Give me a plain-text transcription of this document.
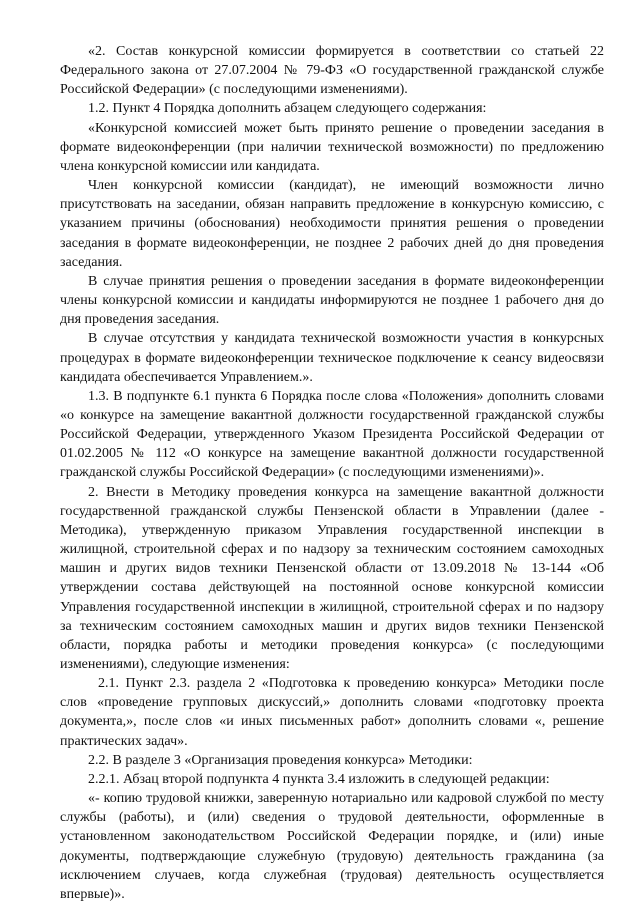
«2. Состав конкурсной комиссии формируется в соответствии со статьей 22 Федерального закона от 27.07.2004 № 79-ФЗ «О государственной гражданской службе Российской Федерации» (с последующими изменениями).

1.2. Пункт 4 Порядка дополнить абзацем следующего содержания:

«Конкурсной комиссией может быть принято решение о проведении заседания в формате видеоконференции (при наличии технической возможности) по предложению члена конкурсной комиссии или кандидата.

Член конкурсной комиссии (кандидат), не имеющий возможности лично присутствовать на заседании, обязан направить предложение в конкурсную комиссию, с указанием причины (обоснования) необходимости принятия решения о проведении заседания в формате видеоконференции, не позднее 2 рабочих дней до дня проведения заседания.

В случае принятия решения о проведении заседания в формате видеоконференции члены конкурсной комиссии и кандидаты информируются не позднее 1 рабочего дня до дня проведения заседания.

В случае отсутствия у кандидата технической возможности участия в конкурсных процедурах в формате видеоконференции техническое подключение к сеансу видеосвязи кандидата обеспечивается Управлением.».

1.3. В подпункте 6.1 пункта 6 Порядка после слова «Положения» дополнить словами «о конкурсе на замещение вакантной должности государственной гражданской службы Российской Федерации, утвержденного Указом Президента Российской Федерации от 01.02.2005 № 112 «О конкурсе на замещение вакантной должности государственной гражданской службы Российской Федерации» (с последующими изменениями)».

2. Внести в Методику проведения конкурса на замещение вакантной должности государственной гражданской службы Пензенской области в Управлении (далее - Методика), утвержденную приказом Управления государственной инспекции в жилищной, строительной сферах и по надзору за техническим состоянием самоходных машин и других видов техники Пензенской области от 13.09.2018 № 13-144 «Об утверждении состава действующей на постоянной основе конкурсной комиссии Управления государственной инспекции в жилищной, строительной сферах и по надзору за техническим состоянием самоходных машин и других видов техники Пензенской области, порядка работы и методики проведения конкурса» (с последующими изменениями), следующие изменения:

2.1. Пункт 2.3. раздела 2 «Подготовка к проведению конкурса» Методики после слов «проведение групповых дискуссий,» дополнить словами «подготовку проекта документа,», после слов «и иных письменных работ» дополнить словами «, решение практических задач».

2.2. В разделе 3 «Организация проведения конкурса» Методики:

2.2.1. Абзац второй подпункта 4 пункта 3.4 изложить в следующей редакции:

«- копию трудовой книжки, заверенную нотариально или кадровой службой по месту службы (работы), и (или) сведения о трудовой деятельности, оформленные в установленном законодательством Российской Федерации порядке, и (или) иные документы, подтверждающие служебную (трудовую) деятельность гражданина (за исключением случаев, когда служебная (трудовая) деятельность осуществляется впервые)».
